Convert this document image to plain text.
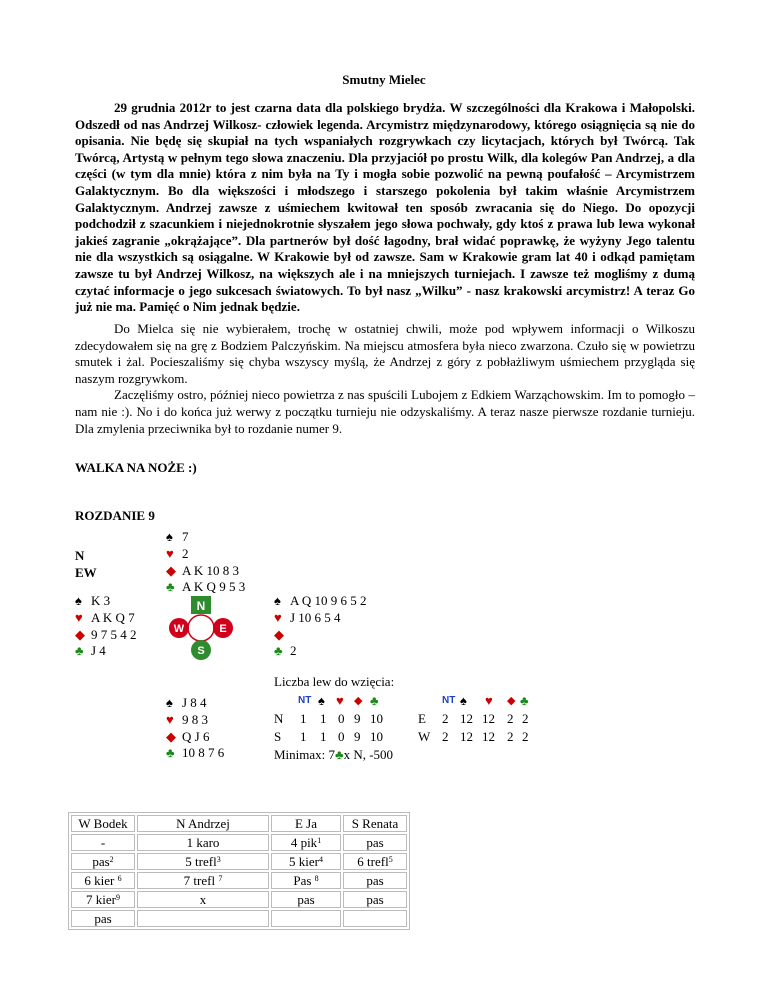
Smutny Mielec

29 grudnia 2012r to jest czarna data dla polskiego brydża. W szczególności dla Krakowa i Małopolski. Odszedł od nas Andrzej Wilkosz- człowiek legenda. Arcymistrz międzynarodowy, którego osiągnięcia są nie do opisania. Nie będę się skupiał na tych wspaniałych rozgrywkach czy licytacjach, których był Twórcą. Tak Twórcą, Artystą w pełnym tego słowa znaczeniu. Dla przyjaciół po prostu Wilk, dla kolegów Pan Andrzej, a dla części (w tym dla mnie) która z nim była na Ty i mogła sobie pozwolić na pewną poufałość – Arcymistrzem Galaktycznym. Bo dla większości i młodszego i starszego pokolenia był takim właśnie Arcymistrzem Galaktycznym. Andrzej zawsze z uśmiechem kwitował ten sposób zwracania się do Niego. Do opozycji podchodził z szacunkiem i niejednokrotnie słyszałem jego słowa pochwały, gdy ktoś z prawa lub lewa wykonał jakieś zagranie „okrążające”. Dla partnerów był dość łagodny, brał widać poprawkę, że wyżyny Jego talentu nie dla wszystkich są osiągalne. W Krakowie był od zawsze. Sam w Krakowie gram lat 40 i odkąd pamiętam zawsze tu był Andrzej Wilkosz, na większych ale i na mniejszych turniejach. I zawsze też mogliśmy z dumą czytać informacje o jego sukcesach światowych. To był nasz „Wilku” - nasz krakowski arcymistrz! A teraz Go już nie ma. Pamięć o Nim jednak będzie.

Do Mielca się nie wybierałem, trochę w ostatniej chwili, może pod wpływem informacji o Wilkoszu zdecydowałem się na grę z Bodziem Palczyńskim. Na miejscu atmosfera była nieco zwarzona. Czuło się w powietrzu smutek i żal. Pocieszaliśmy się chyba wszyscy myślą, że Andrzej z góry z pobłażliwym uśmiechem przygląda się naszym rozgrywkom.

Zaczęliśmy ostro, później nieco powietrza z nas spuścili Lubojem z Edkiem Warząchowskim. Im to pomogło – nam nie :). No i do końca już werwy z początku turnieju nie odzyskaliśmy. A teraz nasze pierwsze rozdanie turnieju. Dla zmylenia przeciwnika był to rozdanie numer 9.

WALKA NA NOŻE :)
ROZDANIE 9
N
EW
♠ 7
♥ 2
◆ A K 10 8 3
♣ A K Q 9 5 3
♠ K 3
♥ A K Q 7
◆ 9 7 5 4 2
♣ J 4
N
W	E
S
♠ A Q 10 9 6 5 2
♥ J 10 6 5 4
◆
♣ 2
♠ J 8 4
♥ 9 8 3
◆ Q J 6
♣ 10 8 7 6
Liczba lew do wzięcia:
NT ♠ ♥ ◆ ♣	NT ♠ ♥ ◆ ♣
N 1 1 0 9 10	E 2 12 12 2 2
S 1 1 0 9 10	W 2 12 12 2 2
Minimax: 7♣x N, -500
W Bodek	N Andrzej	E Ja	S Renata
-	1 karo	4 pik$^1$	pas
pas$^2$	5 trefl$^3$	5 kier$^4$	6 trefl$^5$
6 kier $^6$	7 trefl $^7$	Pas $^8$	pas
7 kier$^9$	x	pas	pas
pas			
